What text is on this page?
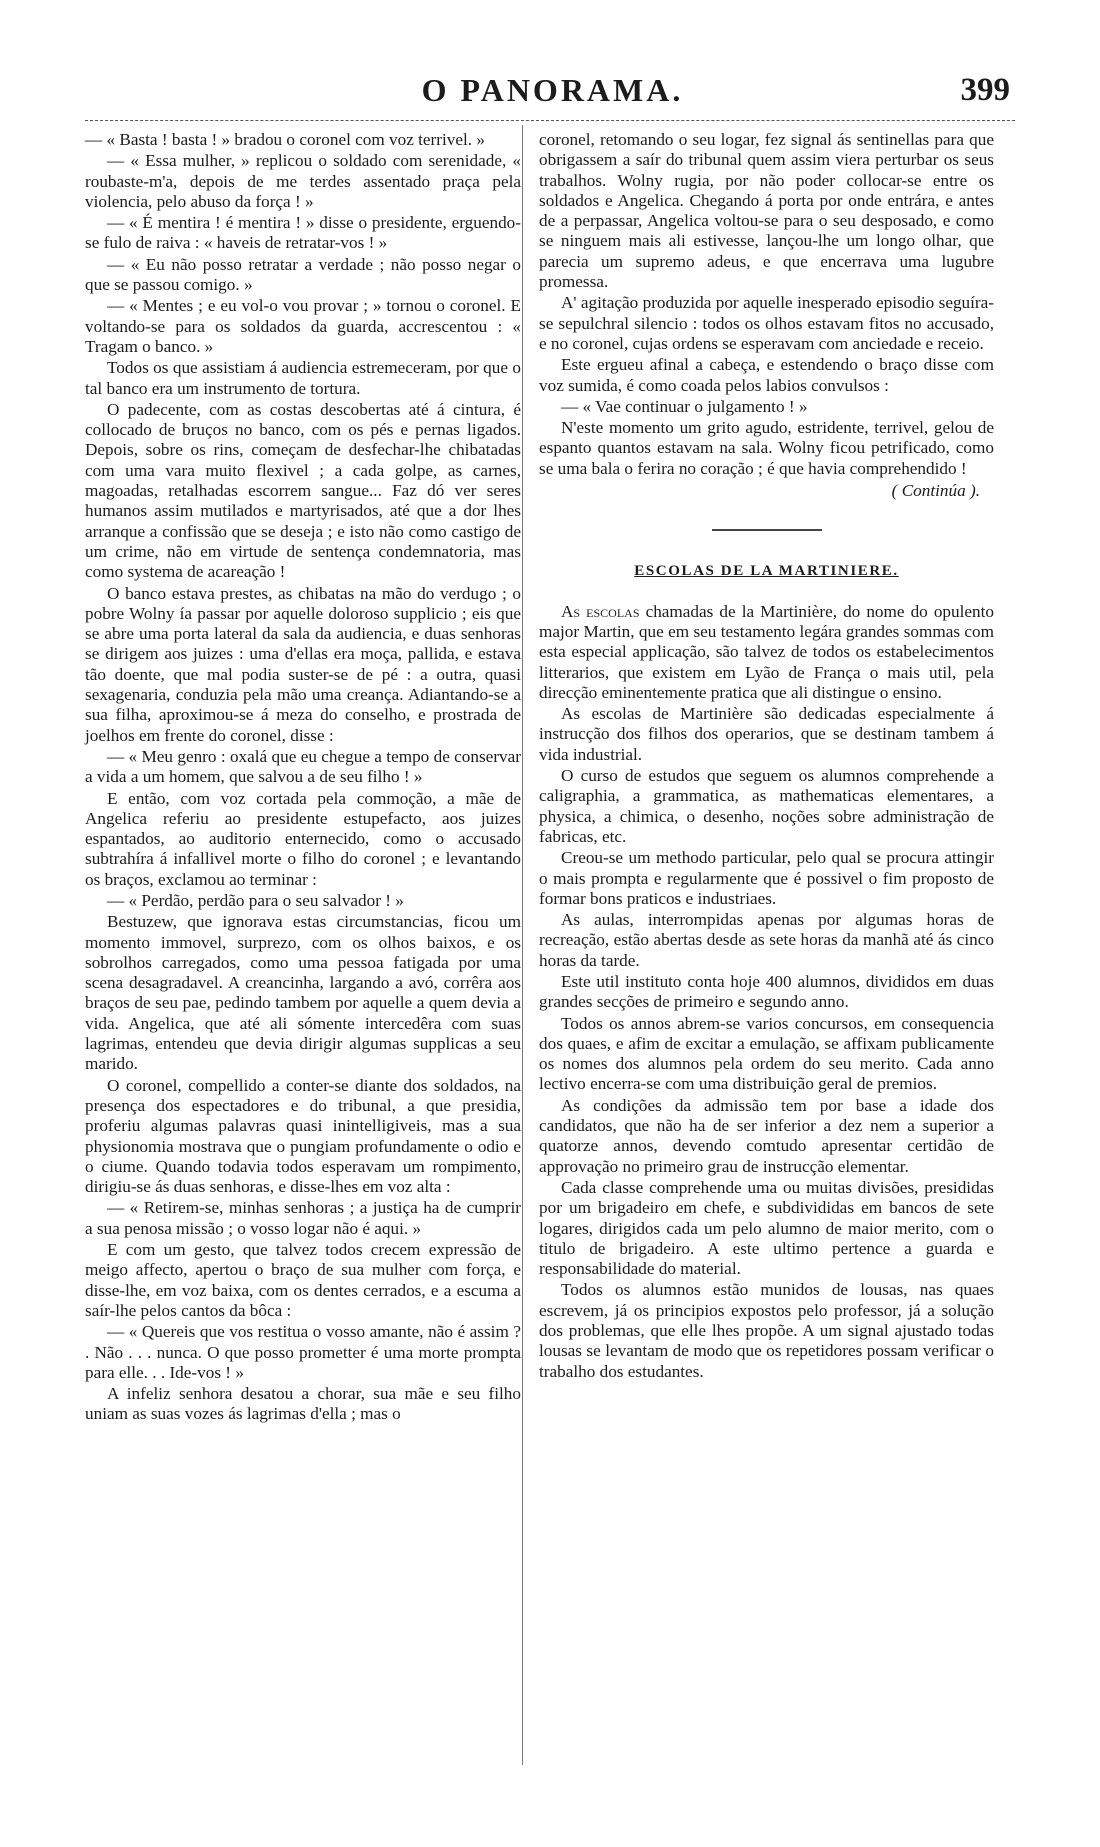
O PANORAMA.	399

— « Basta ! basta ! » bradou o coronel com voz terrivel. »

— « Essa mulher, » replicou o soldado com serenidade, « roubaste-m'a, depois de me terdes assentado praça pela violencia, pelo abuso da força ! »

— « É mentira ! é mentira ! » disse o presidente, erguendo-se fulo de raiva : « haveis de retratar-vos ! »

— « Eu não posso retratar a verdade ; não posso negar o que se passou comigo. »

— « Mentes ; e eu vol-o vou provar ; » tornou o coronel. E voltando-se para os soldados da guarda, accrescentou : « Tragam o banco. »

Todos os que assistiam á audiencia estremeceram, por que o tal banco era um instrumento de tortura.

O padecente, com as costas descobertas até á cintura, é collocado de bruços no banco, com os pés e pernas ligados. Depois, sobre os rins, começam de desfechar-lhe chibatadas com uma vara muito flexivel ; a cada golpe, as carnes, magoadas, retalhadas escorrem sangue... Faz dó ver seres humanos assim mutilados e martyrisados, até que a dor lhes arranque a confissão que se deseja ; e isto não como castigo de um crime, não em virtude de sentença condemnatoria, mas como systema de acareação !

O banco estava prestes, as chibatas na mão do verdugo ; o pobre Wolny ía passar por aquelle doloroso supplicio ; eis que se abre uma porta lateral da sala da audiencia, e duas senhoras se dirigem aos juizes : uma d'ellas era moça, pallida, e estava tão doente, que mal podia suster-se de pé : a outra, quasi sexagenaria, conduzia pela mão uma creança. Adiantando-se a sua filha, aproximou-se á meza do conselho, e prostrada de joelhos em frente do coronel, disse :

— « Meu genro : oxalá que eu chegue a tempo de conservar a vida a um homem, que salvou a de seu filho ! »

E então, com voz cortada pela commoção, a mãe de Angelica referiu ao presidente estupefacto, aos juizes espantados, ao auditorio enternecido, como o accusado subtrahíra á infallivel morte o filho do coronel ; e levantando os braços, exclamou ao terminar :

— « Perdão, perdão para o seu salvador ! »

Bestuzew, que ignorava estas circumstancias, ficou um momento immovel, surprezo, com os olhos baixos, e os sobrolhos carregados, como uma pessoa fatigada por uma scena desagradavel. A creancinha, largando a avó, corrêra aos braços de seu pae, pedindo tambem por aquelle a quem devia a vida. Angelica, que até ali sómente intercedêra com suas lagrimas, entendeu que devia dirigir algumas supplicas a seu marido.

O coronel, compellido a conter-se diante dos soldados, na presença dos espectadores e do tribunal, a que presidia, proferiu algumas palavras quasi inintelligiveis, mas a sua physionomia mostrava que o pungiam profundamente o odio e o ciume. Quando todavia todos esperavam um rompimento, dirigiu-se ás duas senhoras, e disse-lhes em voz alta :

— « Retirem-se, minhas senhoras ; a justiça ha de cumprir a sua penosa missão ; o vosso logar não é aqui. »

E com um gesto, que talvez todos crecem expressão de meigo affecto, apertou o braço de sua mulher com força, e disse-lhe, em voz baixa, com os dentes cerrados, e a escuma a saír-lhe pelos cantos da bôca :

— « Quereis que vos restitua o vosso amante, não é assim ? . Não . . . nunca. O que posso prometter é uma morte prompta para elle. . . Ide-vos ! »

A infeliz senhora desatou a chorar, sua mãe e seu filho uniam as suas vozes ás lagrimas d'ella ; mas o

coronel, retomando o seu logar, fez signal ás sentinellas para que obrigassem a saír do tribunal quem assim viera perturbar os seus trabalhos. Wolny rugia, por não poder collocar-se entre os soldados e Angelica. Chegando á porta por onde entrára, e antes de a perpassar, Angelica voltou-se para o seu desposado, e como se ninguem mais ali estivesse, lançou-lhe um longo olhar, que parecia um supremo adeus, e que encerrava uma lugubre promessa.

A' agitação produzida por aquelle inesperado episodio seguíra-se sepulchral silencio : todos os olhos estavam fitos no accusado, e no coronel, cujas ordens se esperavam com anciedade e receio.

Este ergueu afinal a cabeça, e estendendo o braço disse com voz sumida, é como coada pelos labios convulsos :

— « Vae continuar o julgamento ! »

N'este momento um grito agudo, estridente, terrivel, gelou de espanto quantos estavam na sala. Wolny ficou petrificado, como se uma bala o ferira no coração ; é que havia comprehendido !

( Continúa ).

ESCOLAS DE LA MARTINIERE.

As escolas chamadas de la Martinière, do nome do opulento major Martin, que em seu testamento legára grandes sommas com esta especial applicação, são talvez de todos os estabelecimentos litterarios, que existem em Lyão de França o mais util, pela direcção eminentemente pratica que ali distingue o ensino.

As escolas de Martinière são dedicadas especialmente á instrucção dos filhos dos operarios, que se destinam tambem á vida industrial.

O curso de estudos que seguem os alumnos comprehende a caligraphia, a grammatica, as mathematicas elementares, a physica, a chimica, o desenho, noções sobre administração de fabricas, etc.

Creou-se um methodo particular, pelo qual se procura attingir o mais prompta e regularmente que é possivel o fim proposto de formar bons praticos e industriaes.

As aulas, interrompidas apenas por algumas horas de recreação, estão abertas desde as sete horas da manhã até ás cinco horas da tarde.

Este util instituto conta hoje 400 alumnos, divididos em duas grandes secções de primeiro e segundo anno.

Todos os annos abrem-se varios concursos, em consequencia dos quaes, e afim de excitar a emulação, se affixam publicamente os nomes dos alumnos pela ordem do seu merito. Cada anno lectivo encerra-se com uma distribuição geral de premios.

As condições da admissão tem por base a idade dos candidatos, que não ha de ser inferior a dez nem a superior a quatorze annos, devendo comtudo apresentar certidão de approvação no primeiro grau de instrucção elementar.

Cada classe comprehende uma ou muitas divisões, presididas por um brigadeiro em chefe, e subdivididas em bancos de sete logares, dirigidos cada um pelo alumno de maior merito, com o titulo de brigadeiro. A este ultimo pertence a guarda e responsabilidade do material.

Todos os alumnos estão munidos de lousas, nas quaes escrevem, já os principios expostos pelo professor, já a solução dos problemas, que elle lhes propõe. A um signal ajustado todas lousas se levantam de modo que os repetidores possam verificar o trabalho dos estudantes.
